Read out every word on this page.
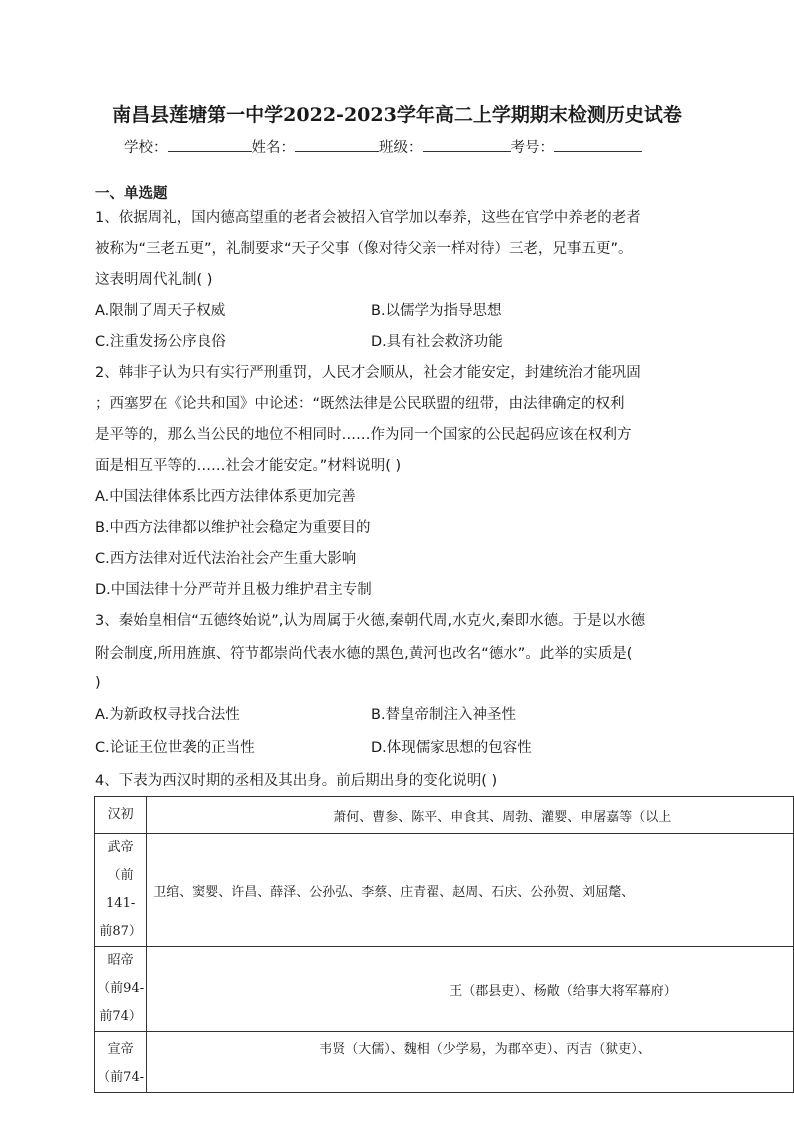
南昌县莲塘第一中学2022-2023学年高二上学期期末检测历史试卷
学校：	姓名：	班级：	考号：
一、单选题
1、依据周礼，国内德高望重的老者会被招入官学加以奉养，这些在官学中养老的老者
被称为“三老五更”，礼制要求“天子父事（像对待父亲一样对待）三老，兄事五更”。
这表明周代礼制( )
A.限制了周天子权威	B.以儒学为指导思想
C.注重发扬公序良俗	D.具有社会救济功能
2、韩非子认为只有实行严刑重罚，人民才会顺从，社会才能安定，封建统治才能巩固
；西塞罗在《论共和国》中论述：“既然法律是公民联盟的纽带，由法律确定的权利
是平等的，那么当公民的地位不相同时……作为同一个国家的公民起码应该在权利方
面是相互平等的……社会才能安定。”材料说明( )
A.中国法律体系比西方法律体系更加完善
B.中西方法律都以维护社会稳定为重要目的
C.西方法律对近代法治社会产生重大影响
D.中国法律十分严苛并且极力维护君主专制
3、秦始皇相信“五德终始说”,认为周属于火德,秦朝代周,水克火,秦即水德。于是以水德
附会制度,所用旌旗、符节都崇尚代表水德的黑色,黄河也改名“德水”。此举的实质是(
)
A.为新政权寻找合法性	B.替皇帝制注入神圣性
C.论证王位世袭的正当性	D.体现儒家思想的包容性
4、下表为西汉时期的丞相及其出身。前后期出身的变化说明( )
汉初	萧何、曹参、陈平、申食其、周勃、灌婴、申屠嘉等（以上
武帝（前141-
前87）	卫绾、窦婴、许昌、薛泽、公孙弘、李蔡、庄青翟、赵周、石庆、公孙贺、刘屈氂、
昭帝（前94-
前74）	王（郡县吏）、杨敞（给事大将军幕府）
宣帝（前74-	韦贤（大儒）、魏相（少学易，为郡卒吏）、丙吉（狱吏）、
